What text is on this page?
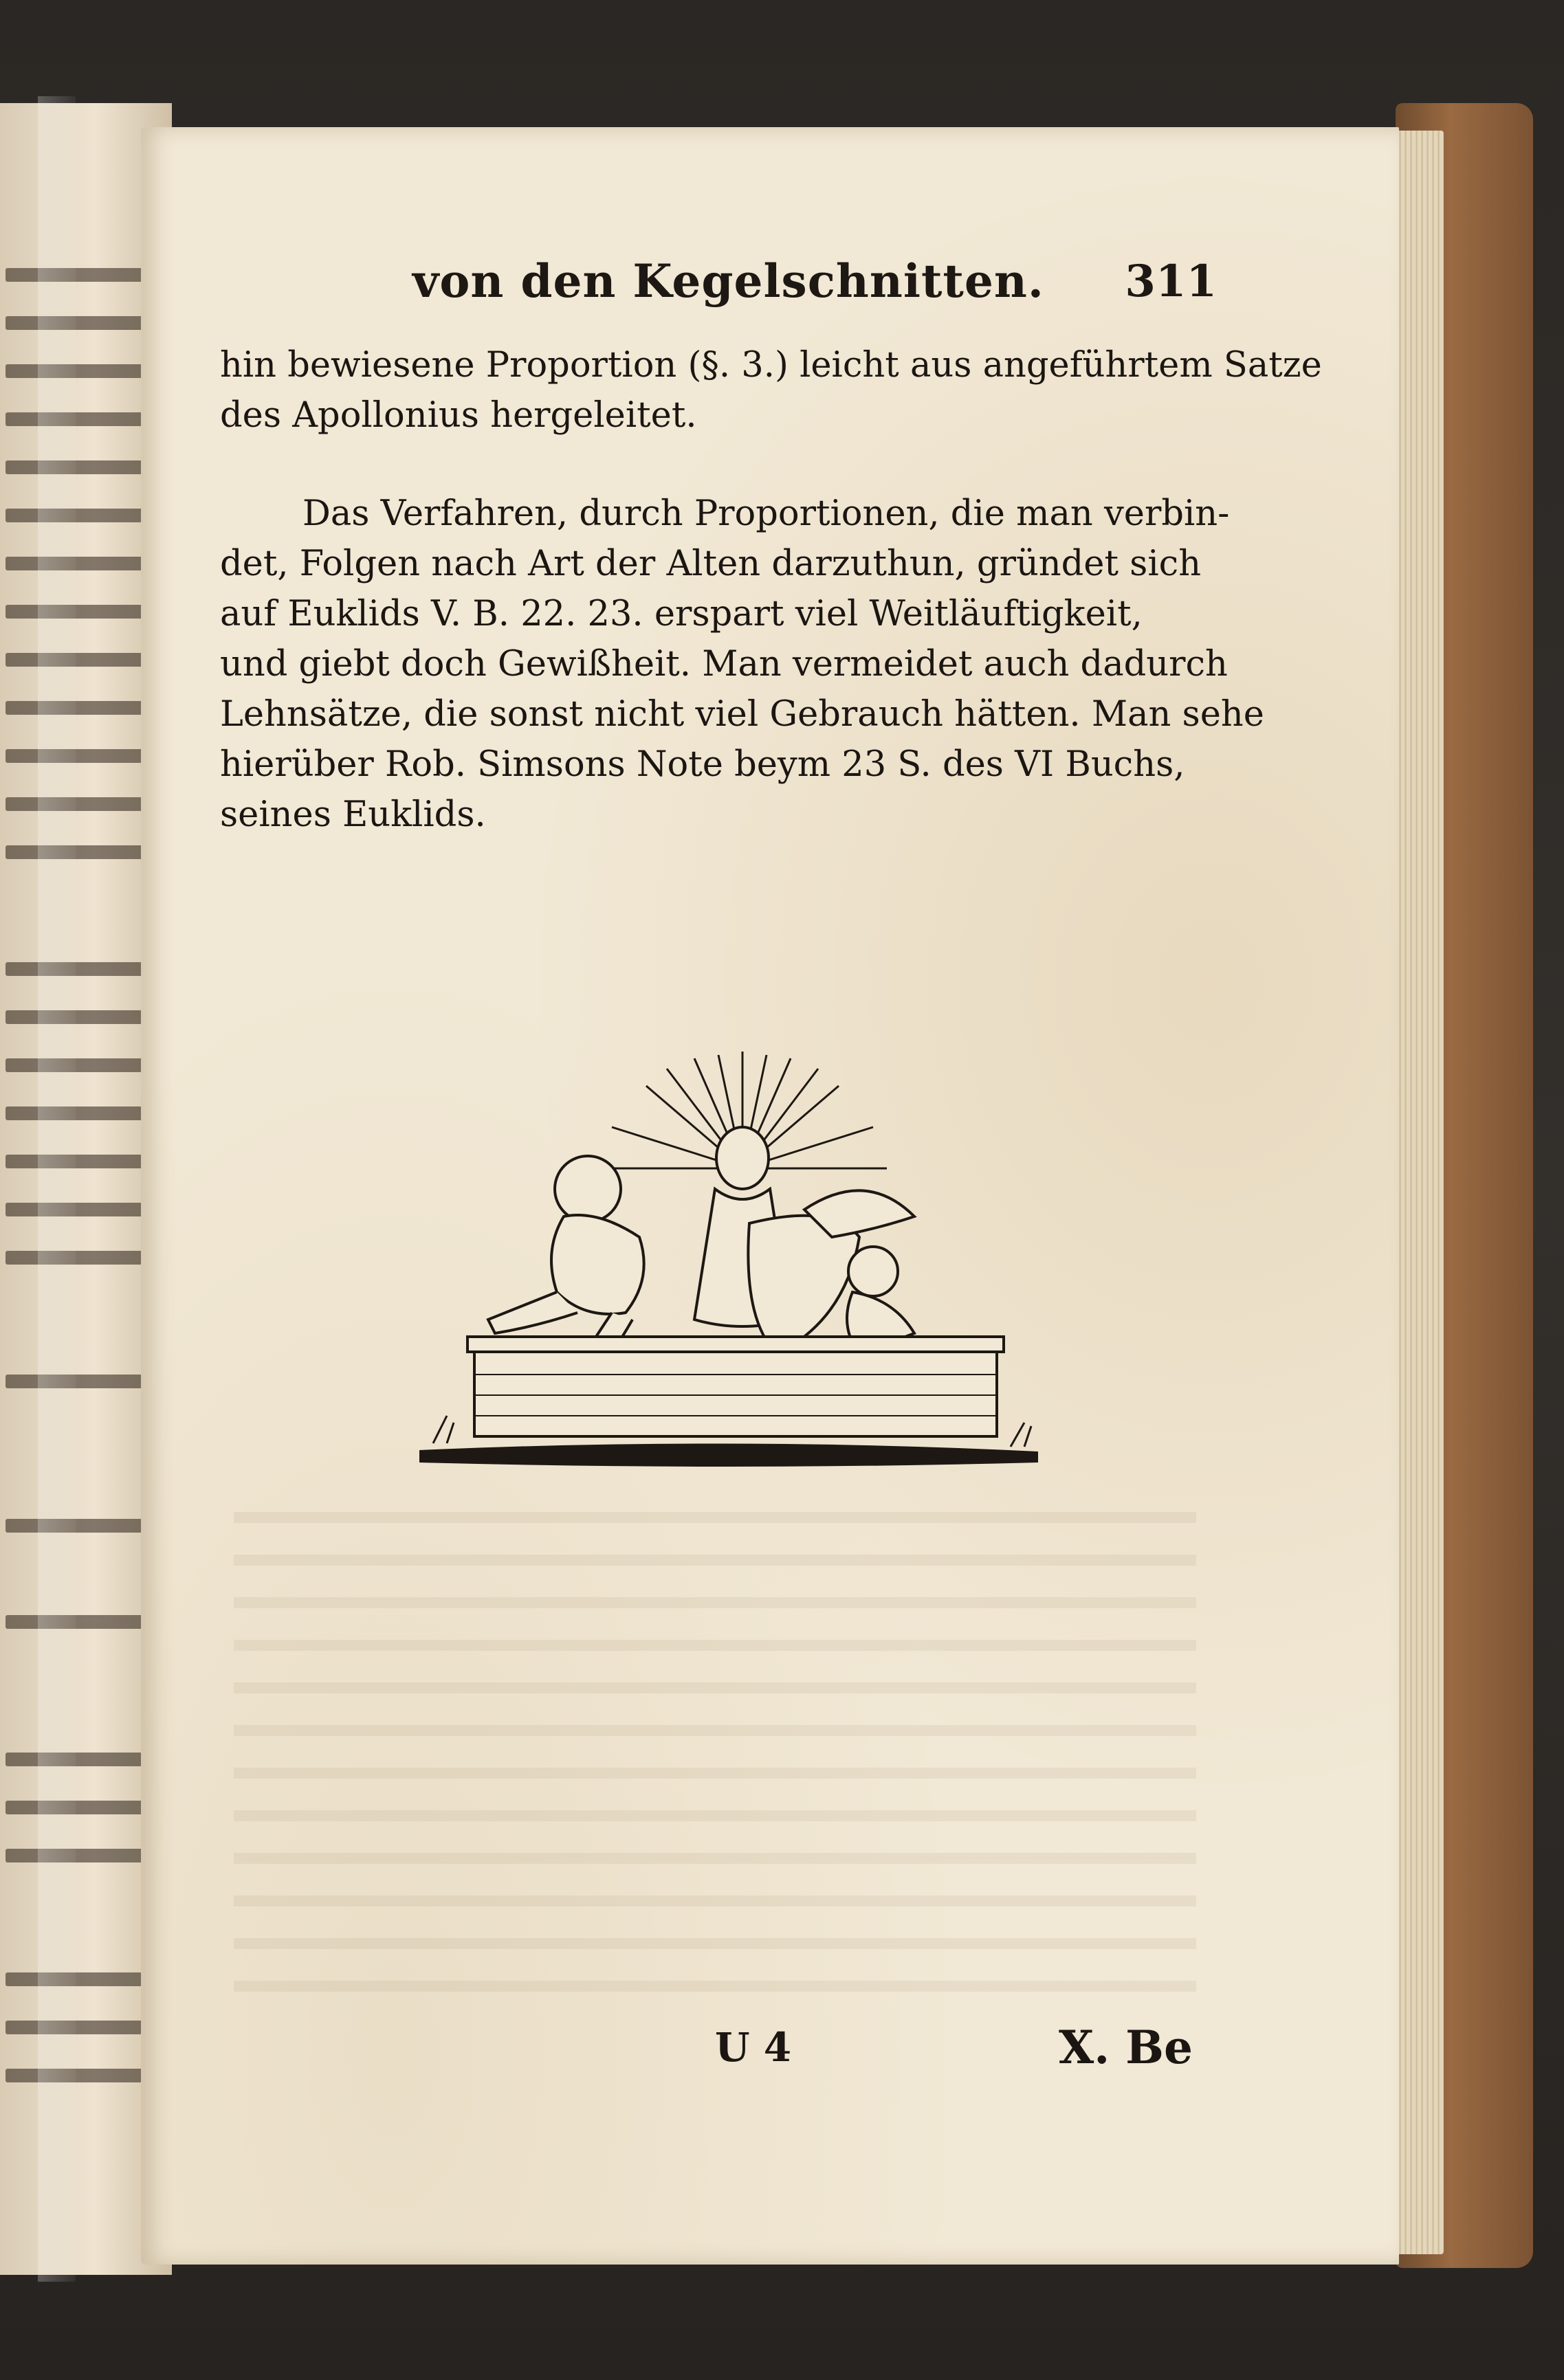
von den Kegelschnitten.	311
hin bewiesene Proportion (§. 3.) leicht aus angeführtem Satze
des Apollonius hergeleitet.
Das Verfahren, durch Proportionen, die man verbin-
det, Folgen nach Art der Alten darzuthun, gründet sich
auf Euklids V. B. 22. 23. erspart viel Weitläuftigkeit,
und giebt doch Gewißheit. Man vermeidet auch dadurch
Lehnsätze, die sonst nicht viel Gebrauch hätten. Man sehe
hierüber Rob. Simsons Note beym 23 S. des VI Buchs,
seines Euklids.
U 4	X. Be
